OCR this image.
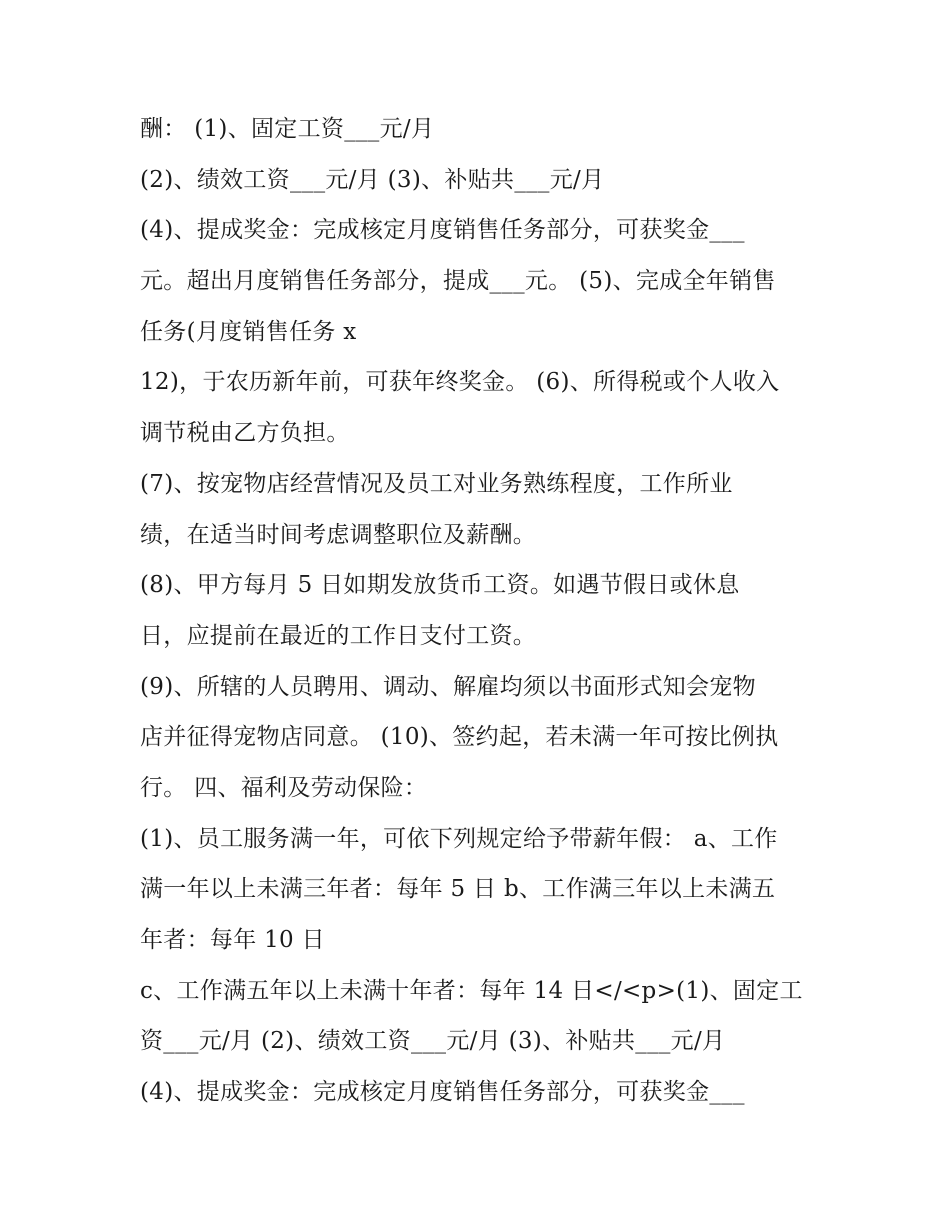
酬： (1)、固定工资___元/月
(2)、绩效工资___元/月 (3)、补贴共___元/月
(4)、提成奖金：完成核定月度销售任务部分，可获奖金___
元。超出月度销售任务部分，提成___元。 (5)、完成全年销售
任务(月度销售任务 x
12)，于农历新年前，可获年终奖金。 (6)、所得税或个人收入
调节税由乙方负担。
(7)、按宠物店经营情况及员工对业务熟练程度，工作所业
绩，在适当时间考虑调整职位及薪酬。
(8)、甲方每月 5 日如期发放货币工资。如遇节假日或休息
日，应提前在最近的工作日支付工资。
(9)、所辖的人员聘用、调动、解雇均须以书面形式知会宠物
店并征得宠物店同意。 (10)、签约起，若未满一年可按比例执
行。 四、福利及劳动保险：
(1)、员工服务满一年，可依下列规定给予带薪年假： a、工作
满一年以上未满三年者：每年 5 日 b、工作满三年以上未满五
年者：每年 10 日
c、工作满五年以上未满十年者：每年 14 日</<p>(1)、固定工
资___元/月 (2)、绩效工资___元/月 (3)、补贴共___元/月
(4)、提成奖金：完成核定月度销售任务部分，可获奖金___
